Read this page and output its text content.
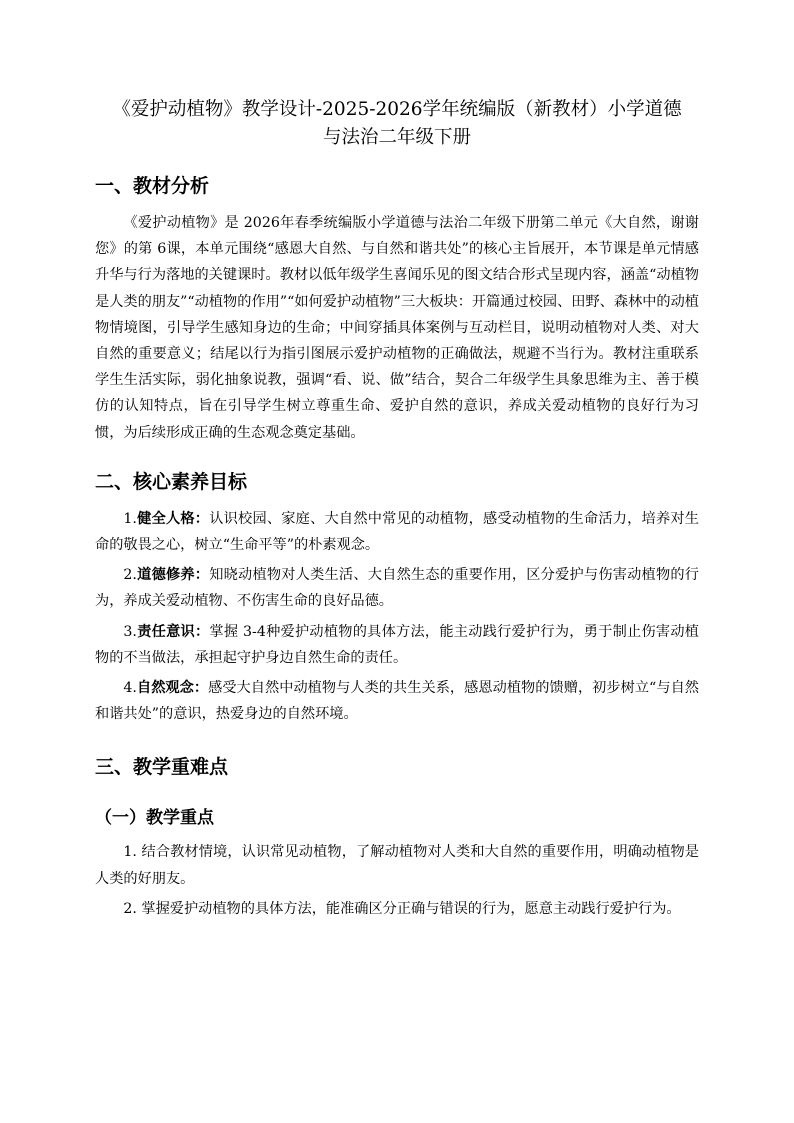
《爱护动植物》教学设计-2025-2026学年统编版（新教材）小学道德
与法治二年级下册
一、教材分析

《爱护动植物》是 2026年春季统编版小学道德与法治二年级下册第二单元《大自然，谢谢您》的第 6课，本单元围绕“感恩大自然、与自然和谐共处”的核心主旨展开，本节课是单元情感升华与行为落地的关键课时。教材以低年级学生喜闻乐见的图文结合形式呈现内容，涵盖“动植物是人类的朋友”“动植物的作用”“如何爱护动植物”三大板块：开篇通过校园、田野、森林中的动植物情境图，引导学生感知身边的生命；中间穿插具体案例与互动栏目，说明动植物对人类、对大自然的重要意义；结尾以行为指引图展示爱护动植物的正确做法，规避不当行为。教材注重联系学生生活实际，弱化抽象说教，强调“看、说、做”结合，契合二年级学生具象思维为主、善于模仿的认知特点，旨在引导学生树立尊重生命、爱护自然的意识，养成关爱动植物的良好行为习惯，为后续形成正确的生态观念奠定基础。

二、核心素养目标

1.健全人格：认识校园、家庭、大自然中常见的动植物，感受动植物的生命活力，培养对生命的敬畏之心，树立“生命平等”的朴素观念。

2.道德修养：知晓动植物对人类生活、大自然生态的重要作用，区分爱护与伤害动植物的行为，养成关爱动植物、不伤害生命的良好品德。

3.责任意识：掌握 3-4种爱护动植物的具体方法，能主动践行爱护行为，勇于制止伤害动植物的不当做法，承担起守护身边自然生命的责任。

4.自然观念：感受大自然中动植物与人类的共生关系，感恩动植物的馈赠，初步树立“与自然和谐共处”的意识，热爱身边的自然环境。

三、教学重难点
（一）教学重点

1. 结合教材情境，认识常见动植物，了解动植物对人类和大自然的重要作用，明确动植物是人类的好朋友。

2. 掌握爱护动植物的具体方法，能准确区分正确与错误的行为，愿意主动践行爱护行为。
